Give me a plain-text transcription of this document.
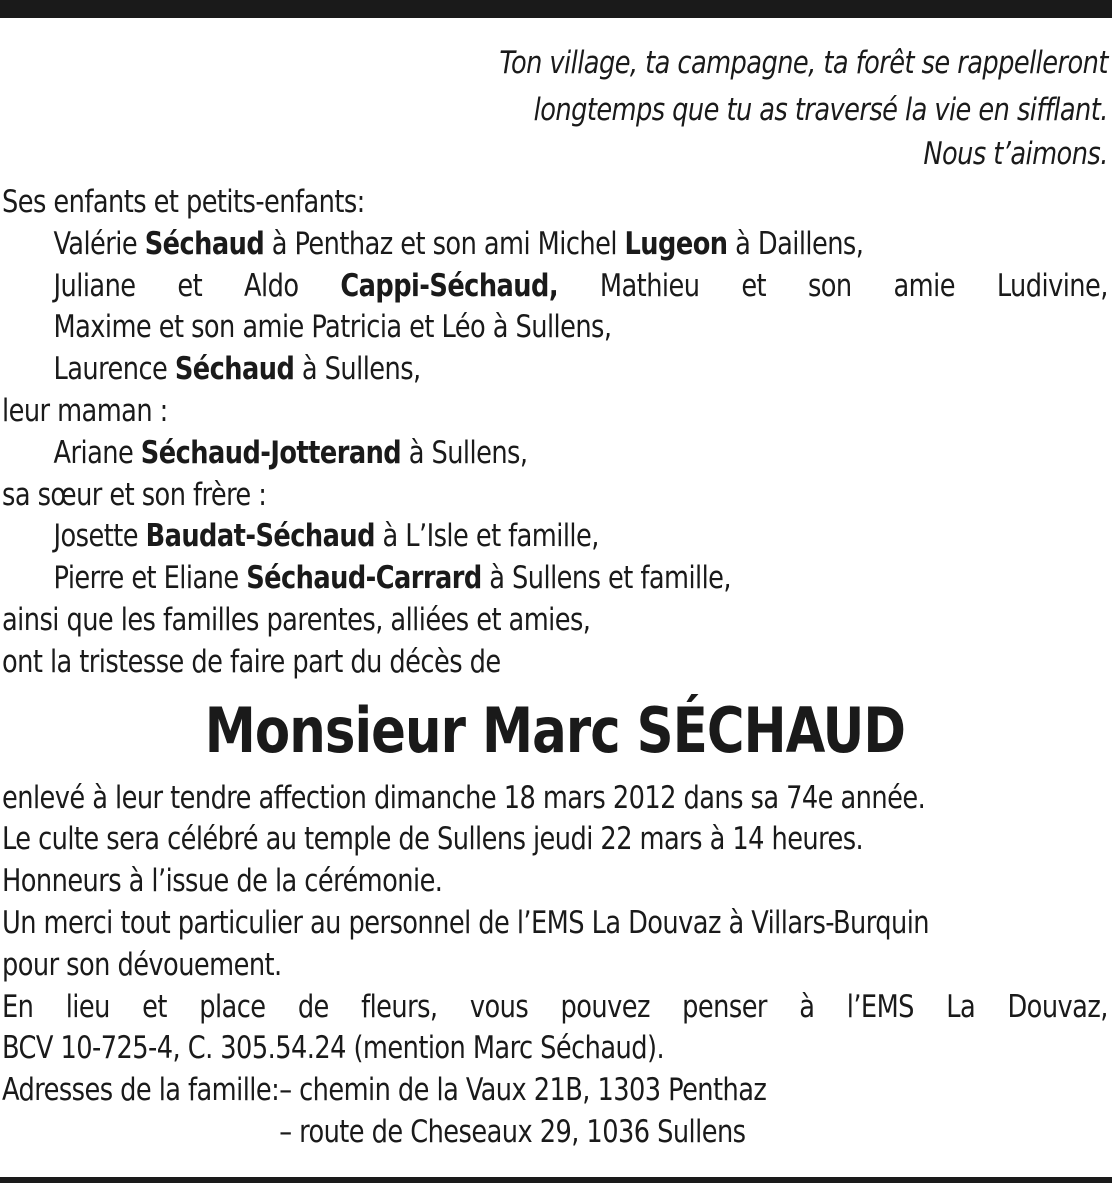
Ton village, ta campagne, ta forêt se rappelleront
longtemps que tu as traversé la vie en sifflant.
Nous t’aimons.
Ses enfants et petits-enfants:
Valérie Séchaud à Penthaz et son ami Michel Lugeon à Daillens,
Juliane et Aldo Cappi-Séchaud, Mathieu et son amie Ludivine,
Maxime et son amie Patricia et Léo à Sullens,
Laurence Séchaud à Sullens,
leur maman :
Ariane Séchaud-Jotterand à Sullens,
sa sœur et son frère :
Josette Baudat-Séchaud à L’Isle et famille,
Pierre et Eliane Séchaud-Carrard à Sullens et famille,
ainsi que les familles parentes, alliées et amies,
ont la tristesse de faire part du décès de
Monsieur Marc SÉCHAUD
enlevé à leur tendre affection dimanche 18 mars 2012 dans sa 74e année.
Le culte sera célébré au temple de Sullens jeudi 22 mars à 14 heures.
Honneurs à l’issue de la cérémonie.
Un merci tout particulier au personnel de l’EMS La Douvaz à Villars-Burquin
pour son dévouement.
En lieu et place de fleurs, vous pouvez penser à l’EMS La Douvaz,
BCV 10-725-4, C. 305.54.24 (mention Marc Séchaud).
Adresses de la famille: – chemin de la Vaux 21B, 1303 Penthaz
– route de Cheseaux 29, 1036 Sullens
